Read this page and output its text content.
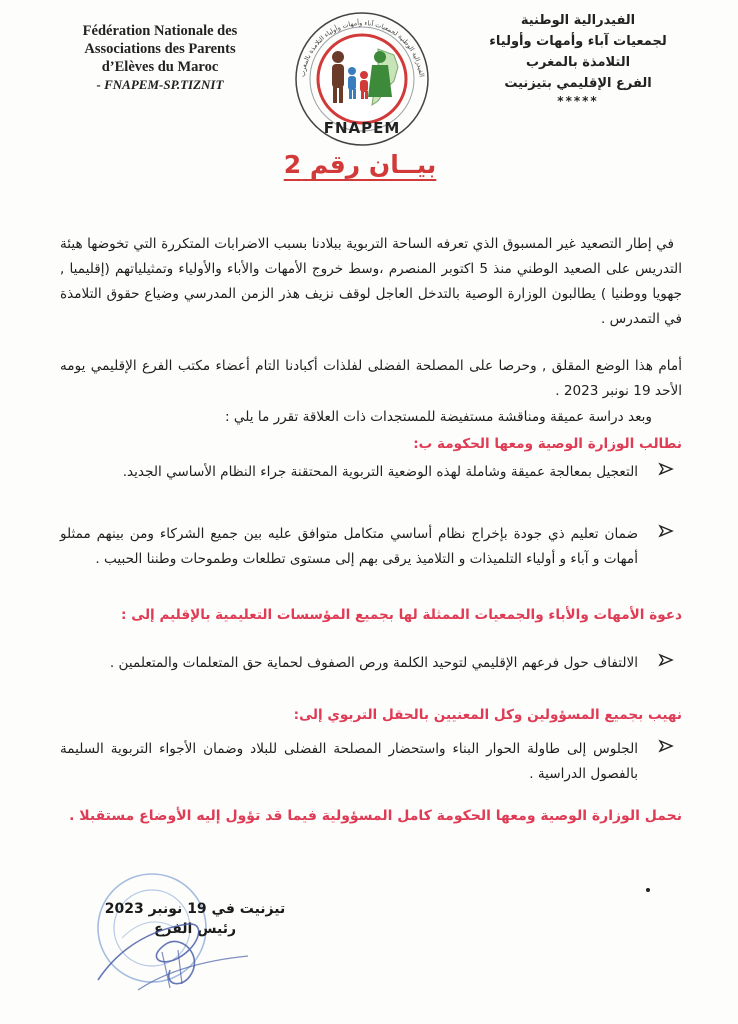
Fédération Nationale des
Associations des Parents
d’Elèves du Maroc
- FNAPEM-SP.TIZNIT
الفيدرالية الوطنية لجمعيات آباء وأمهات وأولياء التلامذة بالمغرب
FNAPEM
الفيدرالية الوطنية
لجمعيات آباء وأمهات وأولياء
التلامذة بالمغرب
الفرع الإقليمي بتيزنيت
*****
بيــان رقم 2
في إطار التصعيد غير المسبوق الذي تعرفه الساحة التربوية ببلادنا بسبب الاضرابات المتكررة التي تخوضها هيئة التدريس على الصعيد الوطني منذ 5 اكتوبر المنصرم ،وسط خروج الأمهات والأباء والأولياء وتمثيلياتهم (إقليميا , جهويا ووطنيا ) يطالبون الوزارة الوصية بالتدخل العاجل لوقف نزيف هذر الزمن المدرسي وضياع حقوق التلامذة في التمدرس .
أمام هذا الوضع المقلق , وحرصا على المصلحة الفضلى لفلذات أكبادنا التام أعضاء مكتب الفرع الإقليمي يومه الأحد 19 نونبر 2023 .
وبعد دراسة عميقة ومناقشة مستفيضة للمستجدات ذات العلاقة تقرر ما يلي :
نطالب الوزارة الوصية ومعها الحكومة ب:
التعجيل بمعالجة عميقة وشاملة لهذه الوضعية التربوية المحتقنة جراء النظام الأساسي الجديد.
ضمان تعليم ذي جودة بإخراج نظام أساسي متكامل متوافق عليه بين جميع الشركاء ومن بينهم ممثلو أمهات و آباء و أولياء التلميذات و التلاميذ يرقى بهم إلى مستوى تطلعات وطموحات وطننا الحبيب .
دعوة الأمهات والأباء والجمعيات الممثلة لها بجميع المؤسسات التعليمية بالإقليم إلى :
الالتفاف حول فرعهم الإقليمي لتوحيد الكلمة ورص الصفوف لحماية حق المتعلمات والمتعلمين .
نهيب بجميع المسؤولين وكل المعنيين بالحقل التربوي إلى:
الجلوس إلى طاولة الحوار البناء واستحضار المصلحة الفضلى للبلاد وضمان الأجواء التربوية السليمة بالفصول الدراسية .
نحمل الوزارة الوصية ومعها الحكومة كامل المسؤولية فيما قد تؤول إليه الأوضاع مستقبلا .
تيزنيت في 19 نونبر 2023
رئيس الفرع
